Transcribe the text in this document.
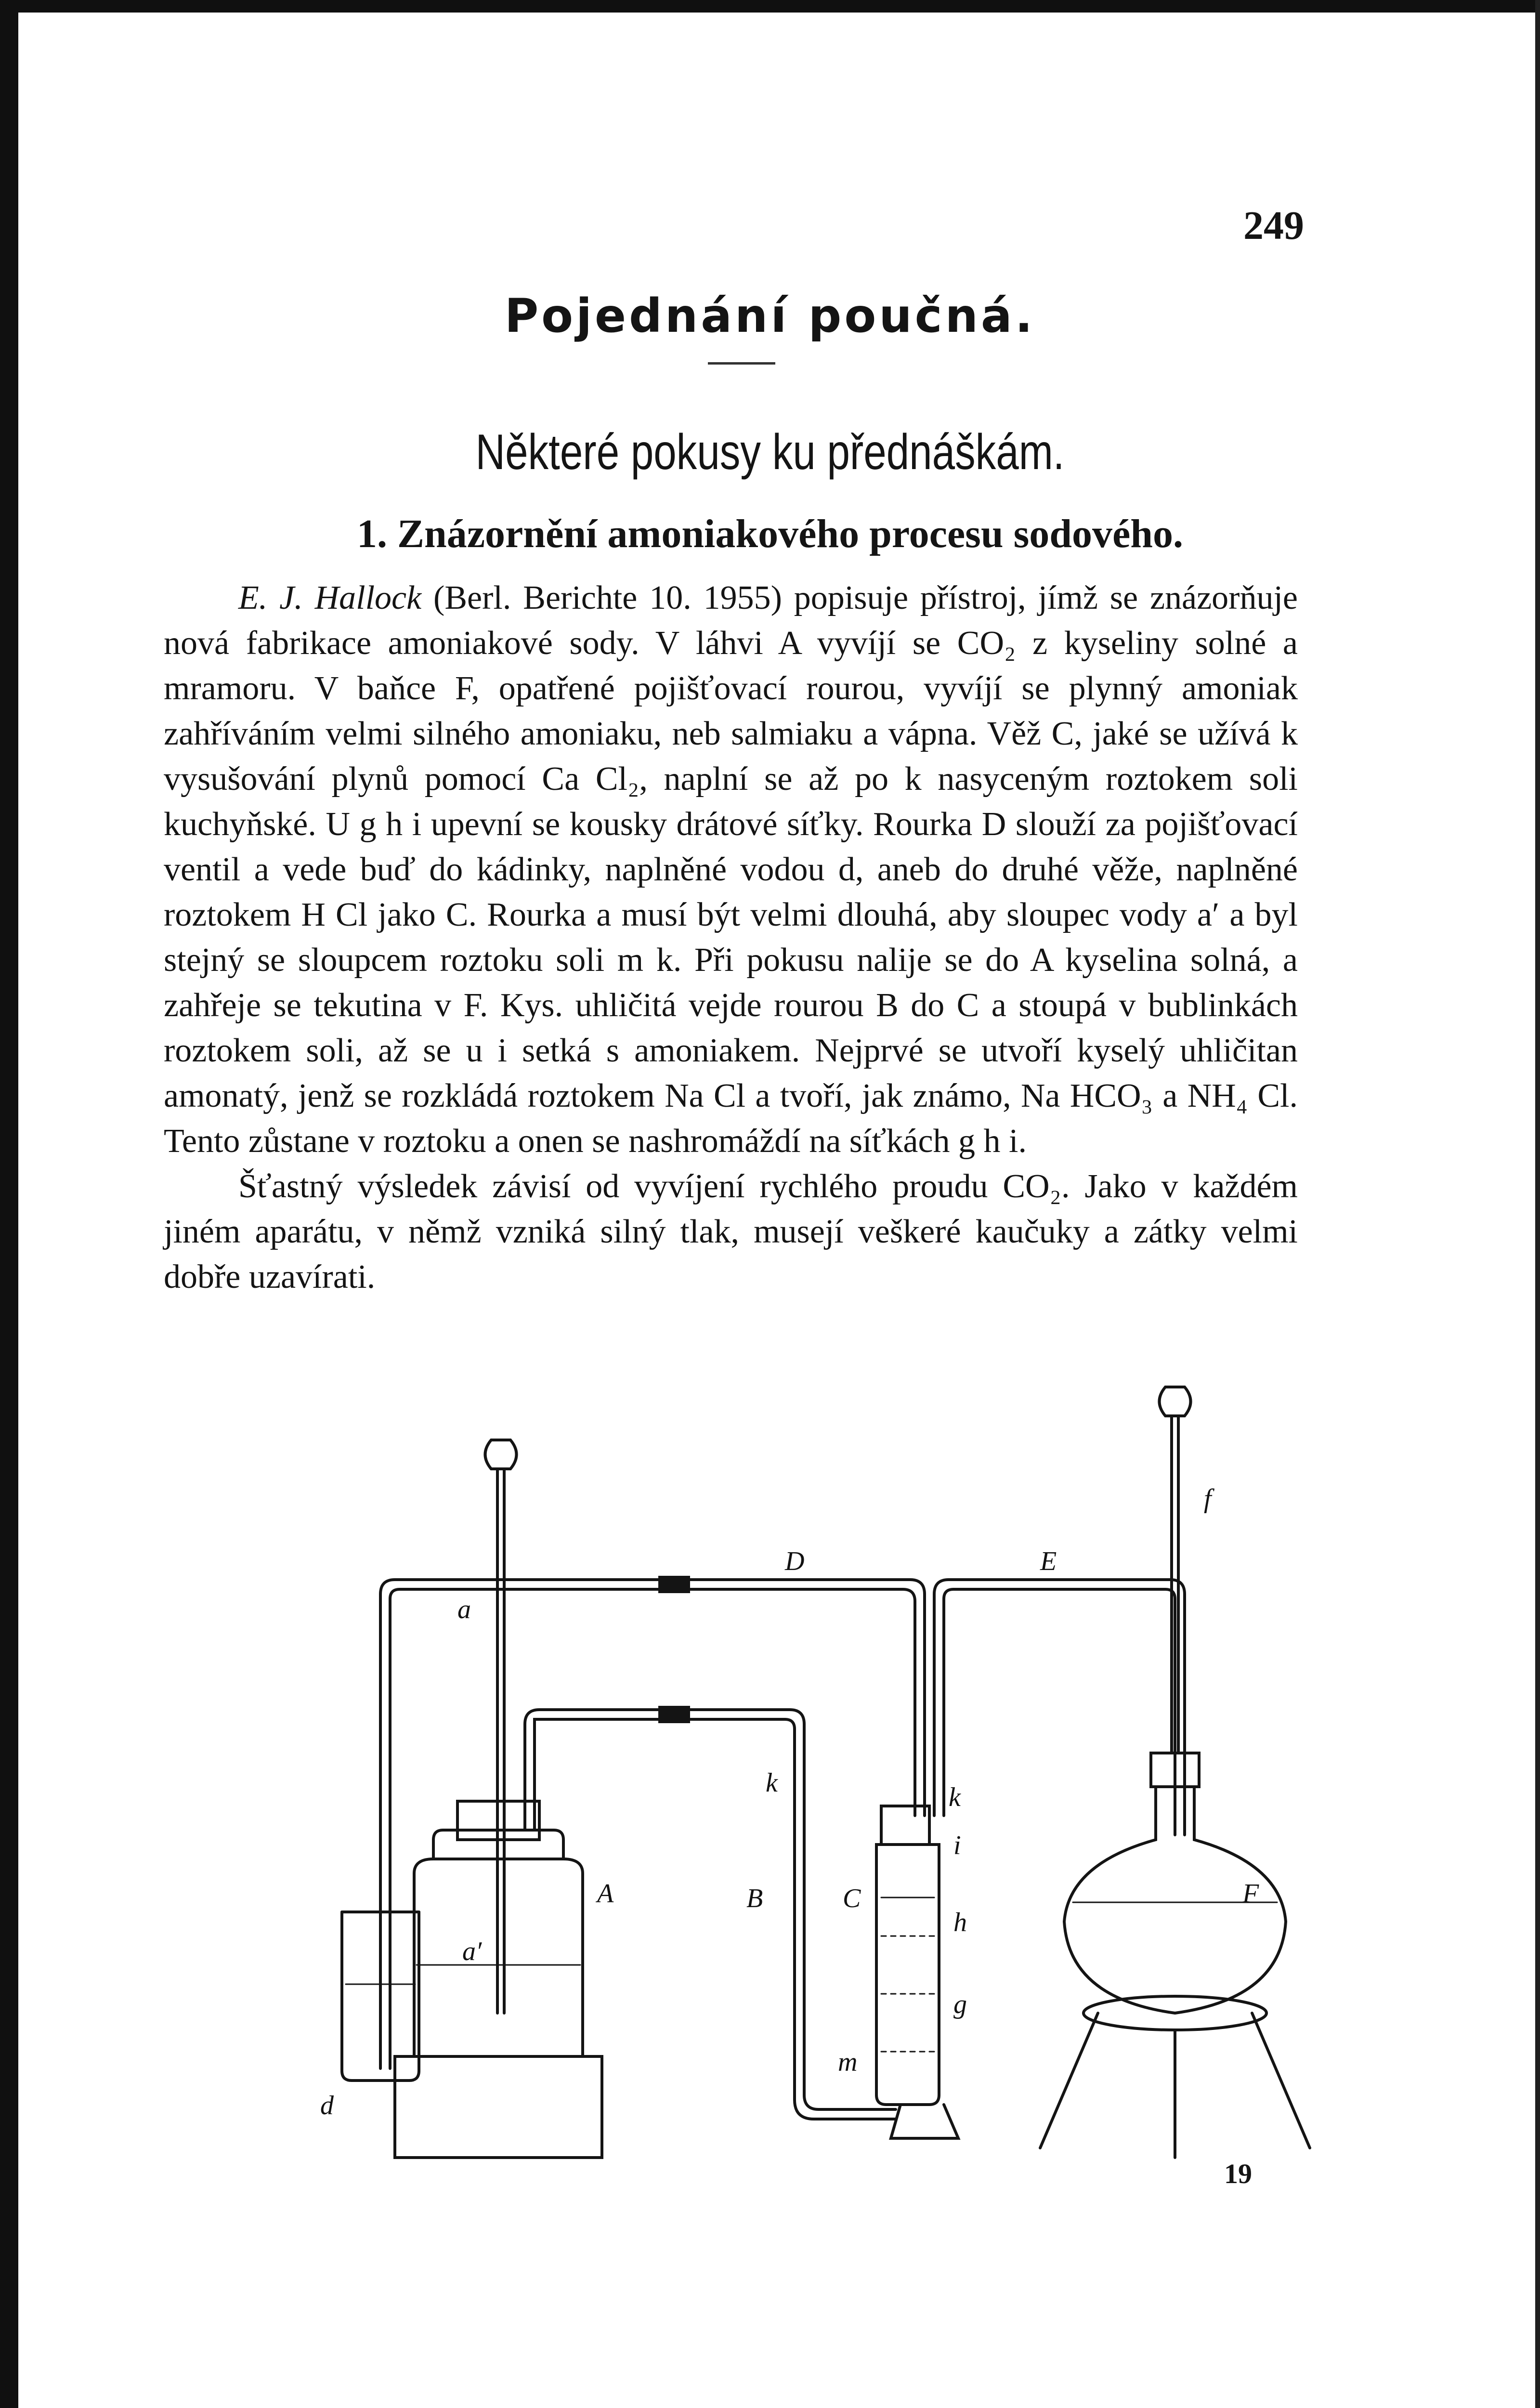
249
Pojednání poučná.
Některé pokusy ku přednáškám.
1. Znázornění amoniakového procesu sodového.

E. J. Hallock (Berl. Berichte 10. 1955) popisuje přístroj, jímž se znázorňuje nová fabrikace amoniakové sody. V láhvi A vyvíjí se CO₂ z kyseliny solné a mramoru. V baňce F, opatřené pojišťovací rourou, vyvíjí se plynný amoniak zahříváním velmi silného amoniaku, neb salmiaku a vápna. Věž C, jaké se užívá k vysušování plynů pomocí Ca Cl₂, naplní se až po k nasyceným roztokem soli kuchyňské. U g h i upevní se kousky drátové síťky. Rourka D slouží za pojišťovací ventil a vede buď do kádinky, naplněné vodou d, aneb do druhé věže, naplněné roztokem H Cl jako C. Rourka a musí být velmi dlouhá, aby sloupec vody a′ a byl stejný se sloupcem roztoku soli m k. Při pokusu nalije se do A kyselina solná, a zahřeje se tekutina v F. Kys. uhličitá vejde rourou B do C a stoupá v bublinkách roztokem soli, až se u i setká s amoniakem. Nejprvé se utvoří kyselý uhličitan amonatý, jenž se rozkládá roztokem Na Cl a tvoří, jak známo, Na HCO₃ a NH₄ Cl. Tento zůstane v roztoku a onen se nashromáždí na síťkách g h i.

Šťastný výsledek závisí od vyvíjení rychlého proudu CO₂. Jako v každém jiném aparátu, v němž vzniká silný tlak, musejí veškeré kaučuky a zátky velmi dobře uzavírati.

d
a
a′
A
D	E
f
F
k	k
i
h
g
B	C
m
19
